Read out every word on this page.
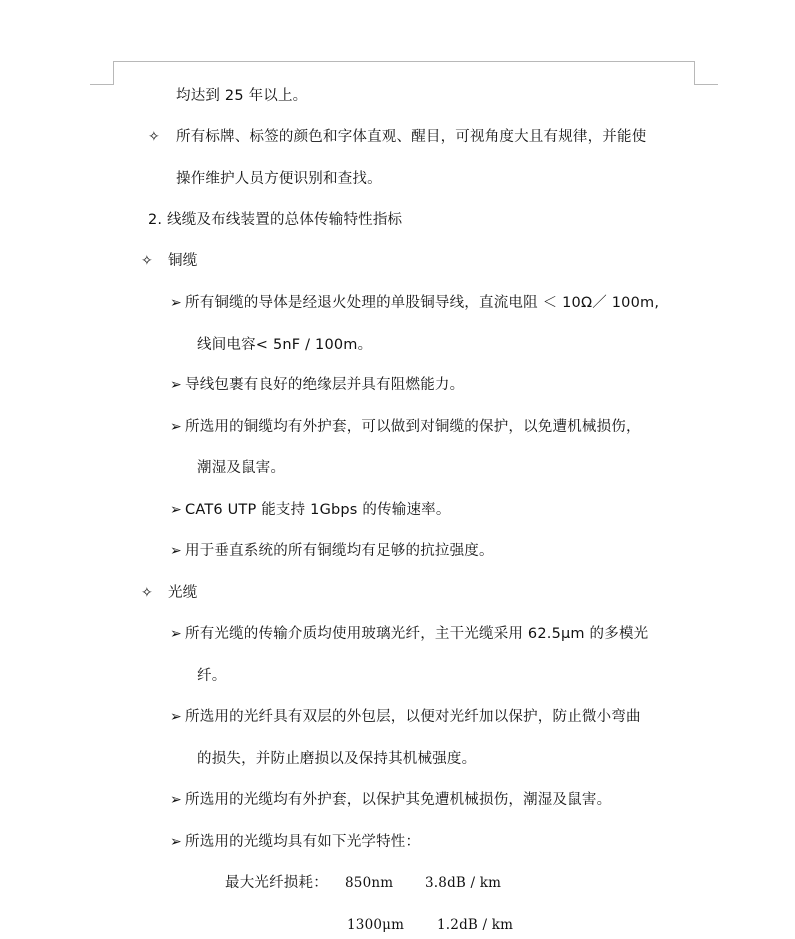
均达到 25 年以上。
✧ 所有标牌、标签的颜色和字体直观、醒目，可视角度大且有规律，并能使
操作维护人员方便识别和查找。
2. 线缆及布线装置的总体传输特性指标
✧ 铜缆
➢ 所有铜缆的导体是经退火处理的单股铜导线，直流电阻 ＜ 10Ω／ 100m,
线间电容< 5nF / 100m。
➢ 导线包裹有良好的绝缘层并具有阻燃能力。
➢ 所选用的铜缆均有外护套，可以做到对铜缆的保护，以免遭机械损伤，
潮湿及鼠害。
➢ CAT6 UTP 能支持 1Gbps 的传输速率。
➢ 用于垂直系统的所有铜缆均有足够的抗拉强度。
✧ 光缆
➢ 所有光缆的传输介质均使用玻璃光纤，主干光缆采用 62.5μm 的多模光
纤。
➢ 所选用的光纤具有双层的外包层，以便对光纤加以保护，防止微小弯曲
的损失，并防止磨损以及保持其机械强度。
➢ 所选用的光缆均有外护套，以保护其免遭机械损伤，潮湿及鼠害。
➢ 所选用的光缆均具有如下光学特性：
最大光纤损耗： 850nm 3.8dB / km
1300μm 1.2dB / km
